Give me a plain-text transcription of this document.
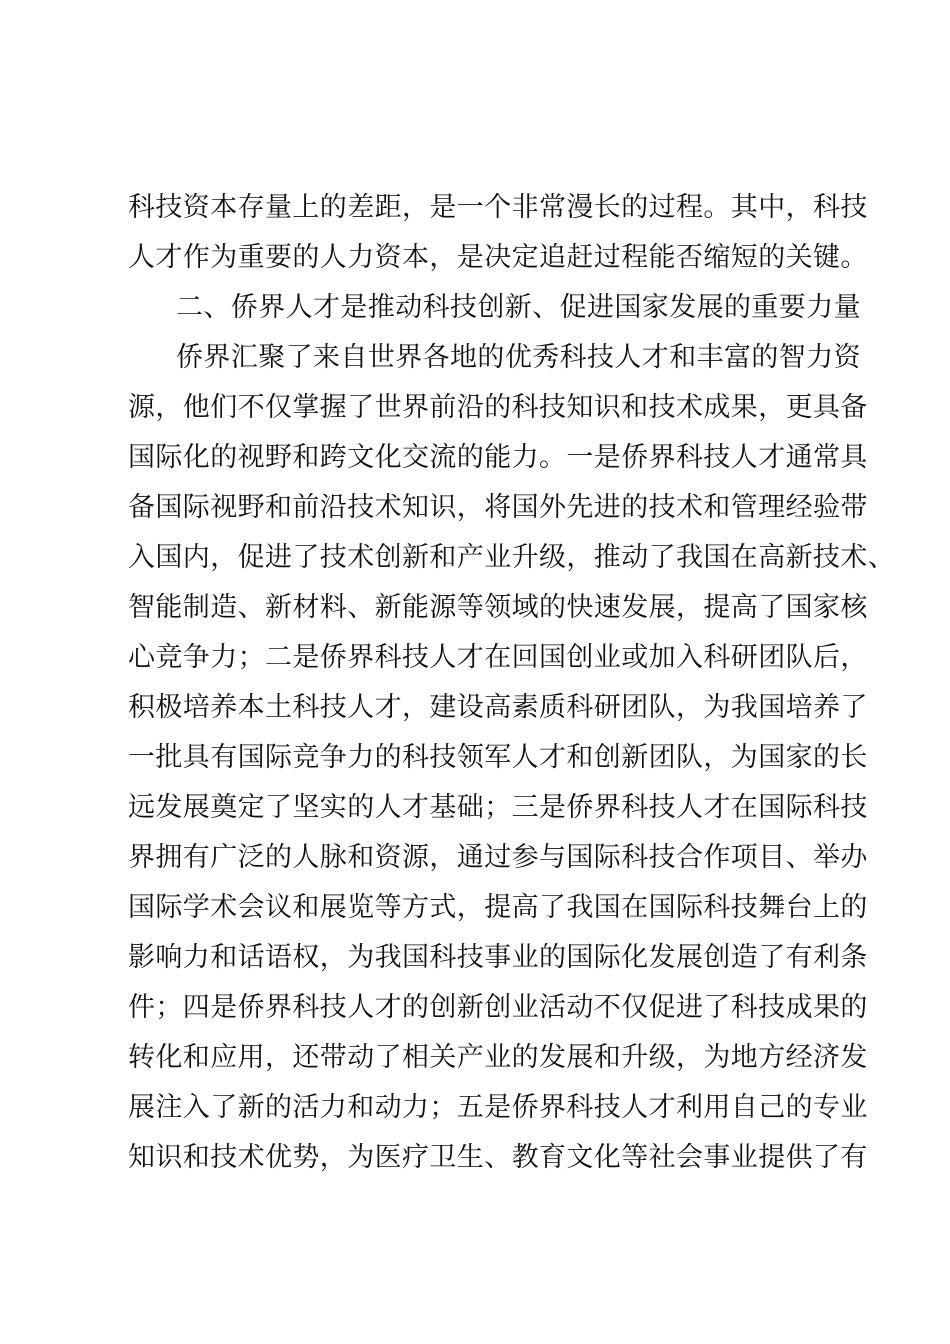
科技资本存量上的差距，是一个非常漫长的过程。其中，科技
人才作为重要的人力资本，是决定追赶过程能否缩短的关键。
二、侨界人才是推动科技创新、促进国家发展的重要力量
侨界汇聚了来自世界各地的优秀科技人才和丰富的智力资
源，他们不仅掌握了世界前沿的科技知识和技术成果，更具备
国际化的视野和跨文化交流的能力。一是侨界科技人才通常具
备国际视野和前沿技术知识，将国外先进的技术和管理经验带
入国内，促进了技术创新和产业升级，推动了我国在高新技术、
智能制造、新材料、新能源等领域的快速发展，提高了国家核
心竞争力；二是侨界科技人才在回国创业或加入科研团队后，
积极培养本土科技人才，建设高素质科研团队，为我国培养了
一批具有国际竞争力的科技领军人才和创新团队，为国家的长
远发展奠定了坚实的人才基础；三是侨界科技人才在国际科技
界拥有广泛的人脉和资源，通过参与国际科技合作项目、举办
国际学术会议和展览等方式，提高了我国在国际科技舞台上的
影响力和话语权，为我国科技事业的国际化发展创造了有利条
件；四是侨界科技人才的创新创业活动不仅促进了科技成果的
转化和应用，还带动了相关产业的发展和升级，为地方经济发
展注入了新的活力和动力；五是侨界科技人才利用自己的专业
知识和技术优势，为医疗卫生、教育文化等社会事业提供了有
